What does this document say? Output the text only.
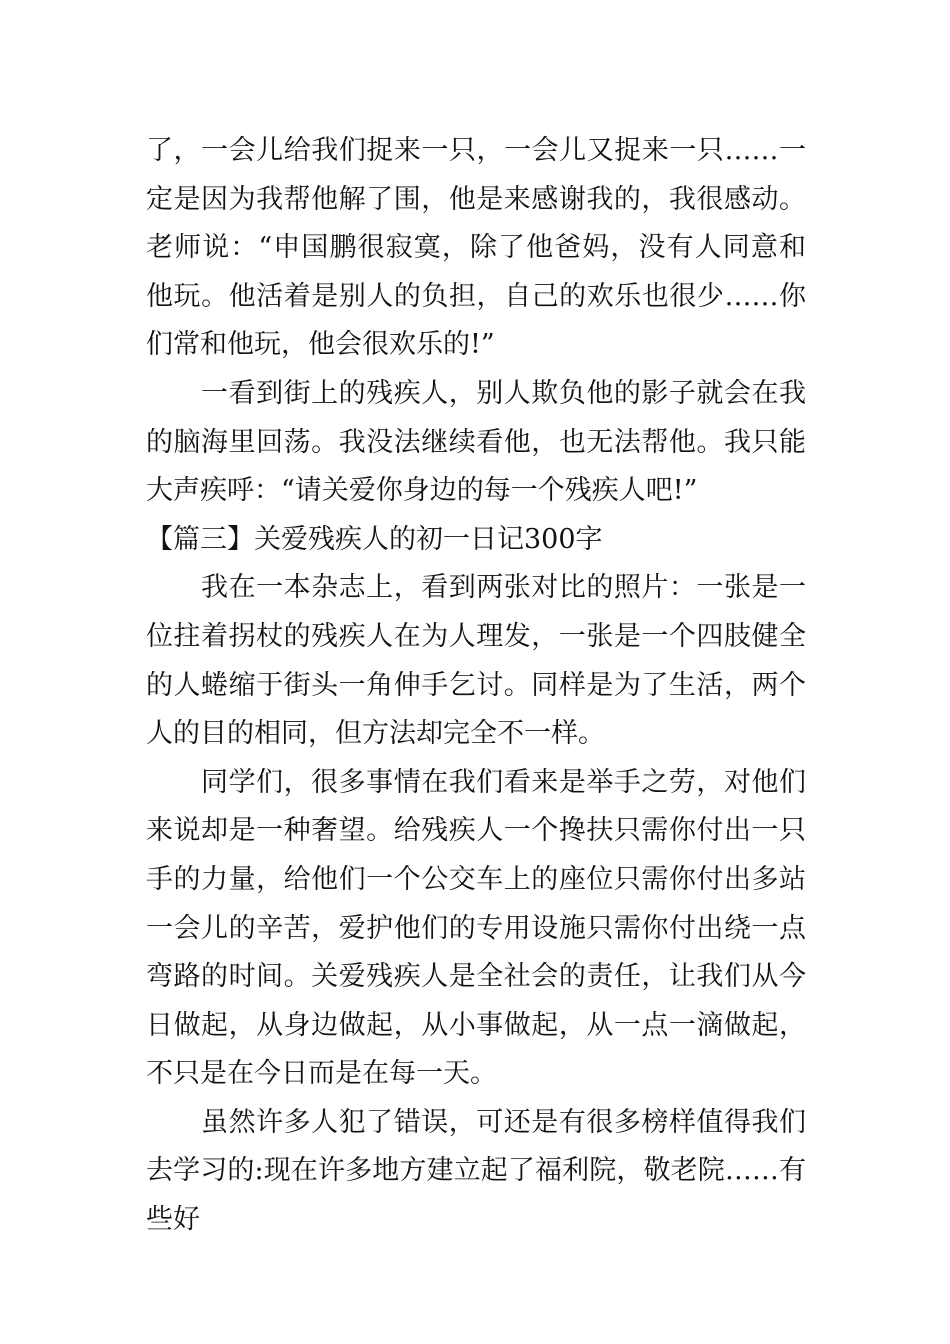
了，一会儿给我们捉来一只，一会儿又捉来一只……一定是因为我帮他解了围，他是来感谢我的，我很感动。老师说：“申国鹏很寂寞，除了他爸妈，没有人同意和他玩。他活着是别人的负担，自己的欢乐也很少……你们常和他玩，他会很欢乐的!”

　　一看到街上的残疾人，别人欺负他的影子就会在我的脑海里回荡。我没法继续看他，也无法帮他。我只能大声疾呼：“请关爱你身边的每一个残疾人吧!”

【篇三】关爱残疾人的初一日记300字

　　我在一本杂志上，看到两张对比的照片：一张是一位拄着拐杖的残疾人在为人理发，一张是一个四肢健全的人蜷缩于街头一角伸手乞讨。同样是为了生活，两个人的目的相同，但方法却完全不一样。

　　同学们，很多事情在我们看来是举手之劳，对他们来说却是一种奢望。给残疾人一个搀扶只需你付出一只手的力量，给他们一个公交车上的座位只需你付出多站一会儿的辛苦，爱护他们的专用设施只需你付出绕一点弯路的时间。关爱残疾人是全社会的责任，让我们从今日做起，从身边做起，从小事做起，从一点一滴做起，不只是在今日而是在每一天。

　　虽然许多人犯了错误，可还是有很多榜样值得我们去学习的:现在许多地方建立起了福利院，敬老院……有些好
